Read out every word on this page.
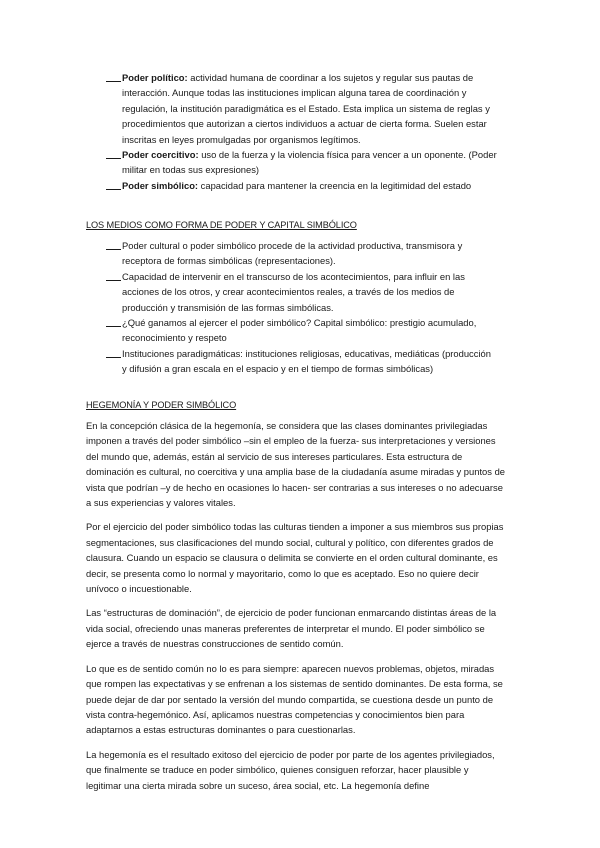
Poder político: actividad humana de coordinar a los sujetos y regular sus pautas de interacción. Aunque todas las instituciones implican alguna tarea de coordinación y regulación, la institución paradigmática es el Estado. Esta implica un sistema de reglas y procedimientos que autorizan a ciertos individuos a actuar de cierta forma. Suelen estar inscritas en leyes promulgadas por organismos legítimos.
Poder coercitivo: uso de la fuerza y la violencia física para vencer a un oponente. (Poder militar en todas sus expresiones)
Poder simbólico: capacidad para mantener la creencia en la legitimidad del estado
LOS MEDIOS COMO FORMA DE PODER Y CAPITAL SIMBÓLICO
Poder cultural o poder simbólico procede de la actividad productiva, transmisora y receptora de formas simbólicas (representaciones).
Capacidad de intervenir en el transcurso de los acontecimientos, para influir en las acciones de los otros, y crear acontecimientos reales, a través de los medios de producción y transmisión de las formas simbólicas.
¿Qué ganamos al ejercer el poder simbólico? Capital simbólico: prestigio acumulado, reconocimiento y respeto
Instituciones paradigmáticas: instituciones religiosas, educativas, mediáticas (producción y difusión a gran escala en el espacio y en el tiempo de formas simbólicas)
HEGEMONÍA Y PODER SIMBÓLICO

En la concepción clásica de la hegemonía, se considera que las clases dominantes privilegiadas imponen a través del poder simbólico –sin el empleo de la fuerza- sus interpretaciones y versiones del mundo que, además, están al servicio de sus intereses particulares. Esta estructura de dominación es cultural, no coercitiva y una amplia base de la ciudadanía asume miradas y puntos de vista que podrían –y de hecho en ocasiones lo hacen- ser contrarias a sus intereses o no adecuarse a sus experiencias y valores vitales.

Por el ejercicio del poder simbólico todas las culturas tienden a imponer a sus miembros sus propias segmentaciones, sus clasificaciones del mundo social, cultural y político, con diferentes grados de clausura. Cuando un espacio se clausura o delimita se convierte en el orden cultural dominante, es decir, se presenta como lo normal y mayoritario, como lo que es aceptado. Eso no quiere decir unívoco o incuestionable.

Las “estructuras de dominación”, de ejercicio de poder funcionan enmarcando distintas áreas de la vida social, ofreciendo unas maneras preferentes de interpretar el mundo. El poder simbólico se ejerce a través de nuestras construcciones de sentido común.

Lo que es de sentido común no lo es para siempre: aparecen nuevos problemas, objetos, miradas que rompen las expectativas y se enfrenan a los sistemas de sentido dominantes. De esta forma, se puede dejar de dar por sentado la versión del mundo compartida, se cuestiona desde un punto de vista contra-hegemónico. Así, aplicamos nuestras competencias y conocimientos bien para adaptarnos a estas estructuras dominantes o para cuestionarlas.

La hegemonía es el resultado exitoso del ejercicio de poder por parte de los agentes privilegiados, que finalmente se traduce en poder simbólico, quienes consiguen reforzar, hacer plausible y legitimar una cierta mirada sobre un suceso, área social, etc. La hegemonía define
